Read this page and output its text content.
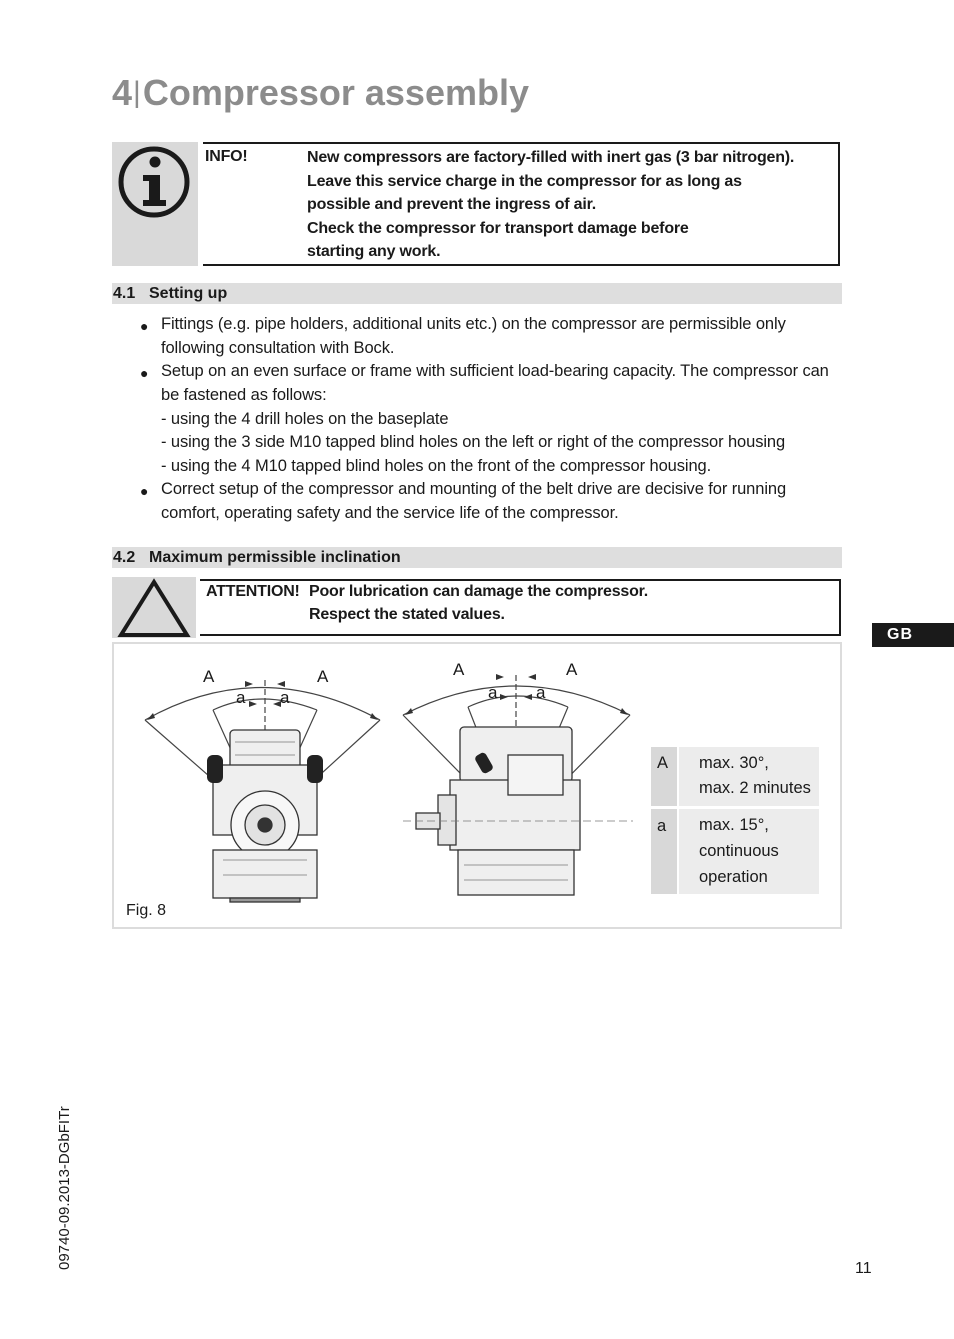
4|Compressor assembly
INFO!	New compressors are factory-filled with inert gas (3 bar nitrogen).
Leave this service charge in the compressor for as long as
possible and prevent the ingress of air.
Check the compressor for transport damage before
starting any work.
4.1 Setting up
● Fittings (e.g. pipe holders, additional units etc.) on the compressor are permissible only
following consultation with Bock.
● Setup on an even surface or frame with sufficient load-bearing capacity. The compressor can
be fastened as follows:
- using the 4 drill holes on the baseplate
- using the 3 side M10 tapped blind holes on the left or right of the compressor housing
- using the 4 M10 tapped blind holes on the front of the compressor housing.
● Correct setup of the compressor and mounting of the belt drive are decisive for running
comfort, operating safety and the service life of the compressor.
4.2 Maximum permissible inclination
ATTENTION! Poor lubrication can damage the compressor.
Respect the stated values.
A	A
a a
A	A
a a
A max. 30°,
max. 2 minutes
a max. 15°,
continuous
operation
Fig. 8
GB
09740-09.2013-DGbFITr	11
